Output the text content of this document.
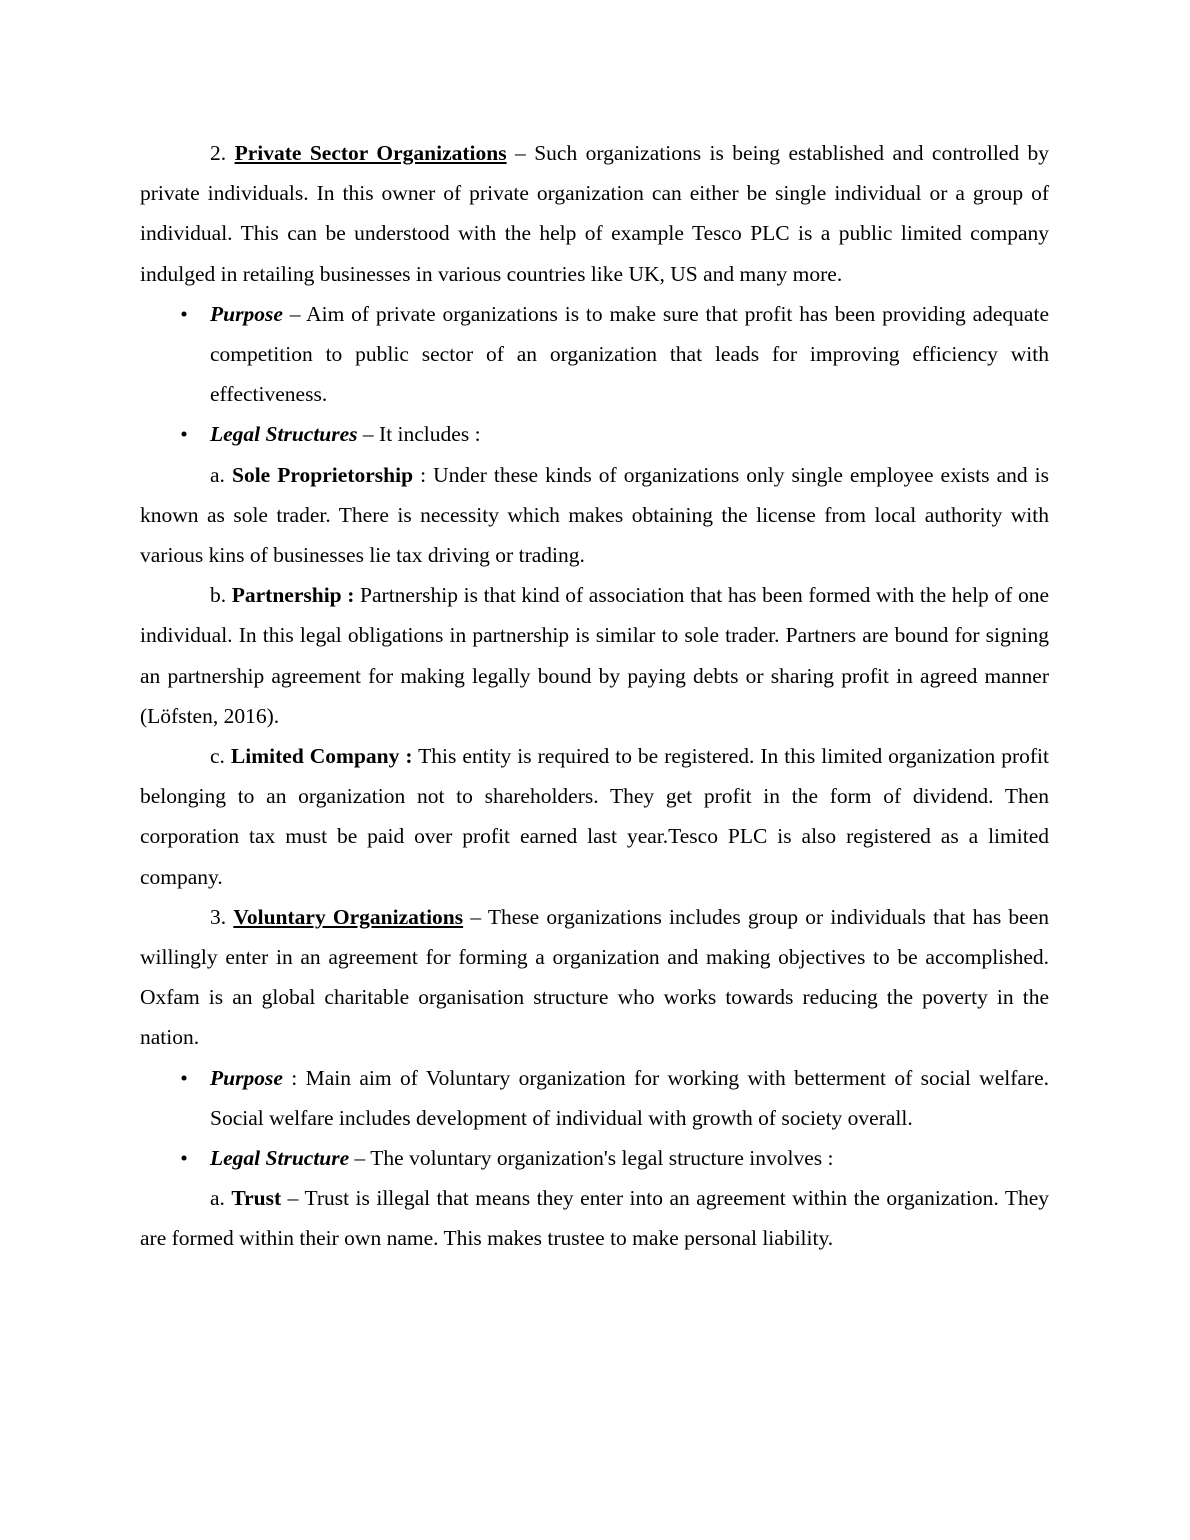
2. Private Sector Organizations – Such organizations is being established and controlled by private individuals. In this owner of private organization can either be single individual or a group of individual. This can be understood with the help of example Tesco PLC is a public limited company indulged in retailing businesses in various countries like UK, US and many more.

• Purpose – Aim of private organizations is to make sure that profit has been providing adequate competition to public sector of an organization that leads for improving efficiency with effectiveness.

• Legal Structures – It includes :

a. Sole Proprietorship : Under these kinds of organizations only single employee exists and is known as sole trader. There is necessity which makes obtaining the license from local authority with various kins of businesses lie tax driving or trading.

b. Partnership : Partnership is that kind of association that has been formed with the help of one individual. In this legal obligations in partnership is similar to sole trader. Partners are bound for signing an partnership agreement for making legally bound by paying debts or sharing profit in agreed manner (Löfsten, 2016).

c. Limited Company : This entity is required to be registered. In this limited organization profit belonging to an organization not to shareholders. They get profit in the form of dividend. Then corporation tax must be paid over profit earned last year.Tesco PLC is also registered as a limited company.

3. Voluntary Organizations – These organizations includes group or individuals that has been willingly enter in an agreement for forming a organization and making objectives to be accomplished. Oxfam is an global charitable organisation structure who works towards reducing the poverty in the nation.

• Purpose : Main aim of Voluntary organization for working with betterment of social welfare. Social welfare includes development of individual with growth of society overall.

• Legal Structure – The voluntary organization's legal structure involves :

a. Trust – Trust is illegal that means they enter into an agreement within the organization. They are formed within their own name. This makes trustee to make personal liability.
